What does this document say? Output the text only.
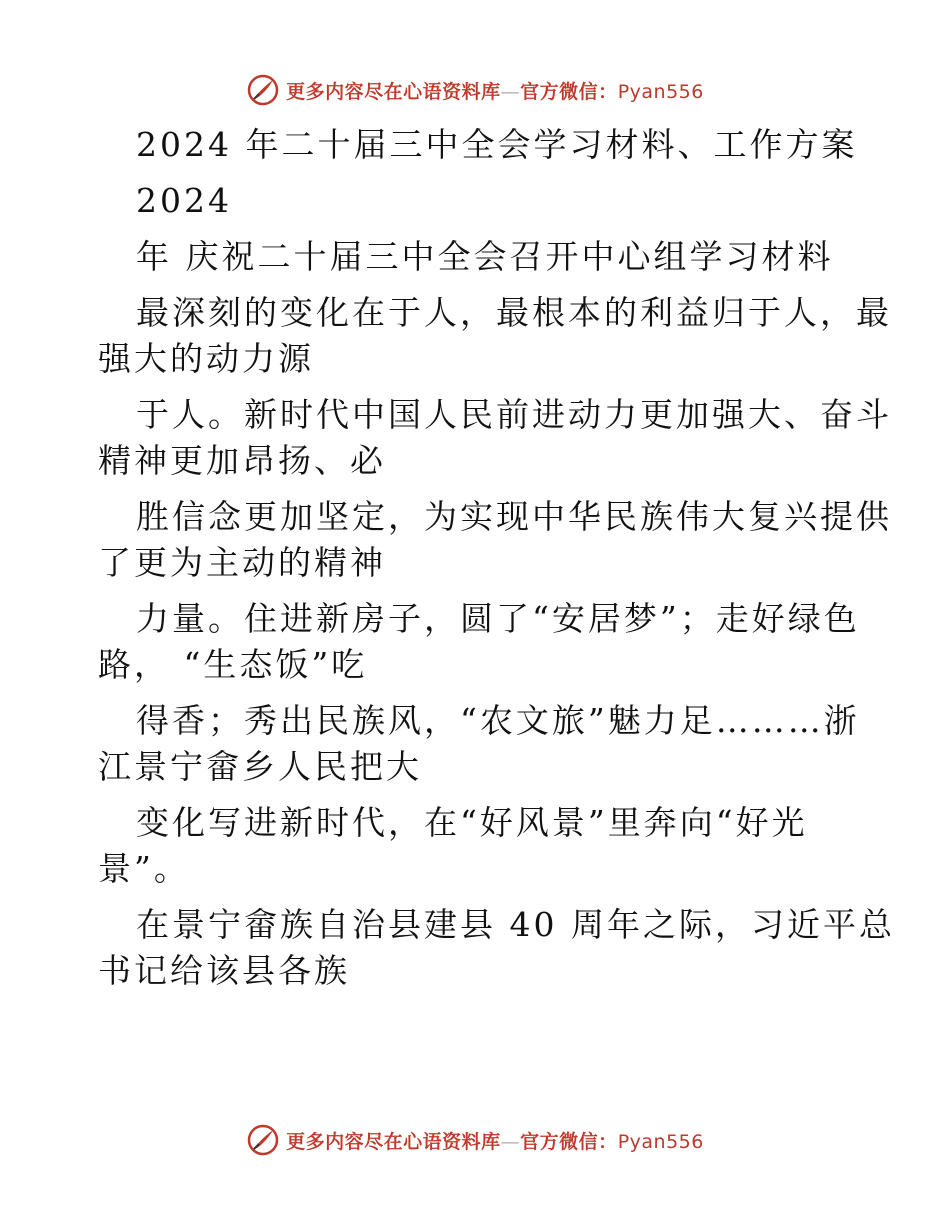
更多内容尽在心语资料库—官方微信：Pyan556
2024 年二十届三中全会学习材料、工作方案
2024
年 庆祝二十届三中全会召开中心组学习材料
最深刻的变化在于人，最根本的利益归于人，最
强大的动力源
于人。新时代中国人民前进动力更加强大、奋斗
精神更加昂扬、必
胜信念更加坚定，为实现中华民族伟大复兴提供
了更为主动的精神
力量。住进新房子，圆了“安居梦”；走好绿色
路， “生态饭”吃
得香；秀出民族风，“农文旅”魅力足………浙
江景宁畲乡人民把大
变化写进新时代，在“好风景”里奔向“好光
景”。
在景宁畲族自治县建县 40 周年之际，习近平总
书记给该县各族
更多内容尽在心语资料库—官方微信：Pyan556
